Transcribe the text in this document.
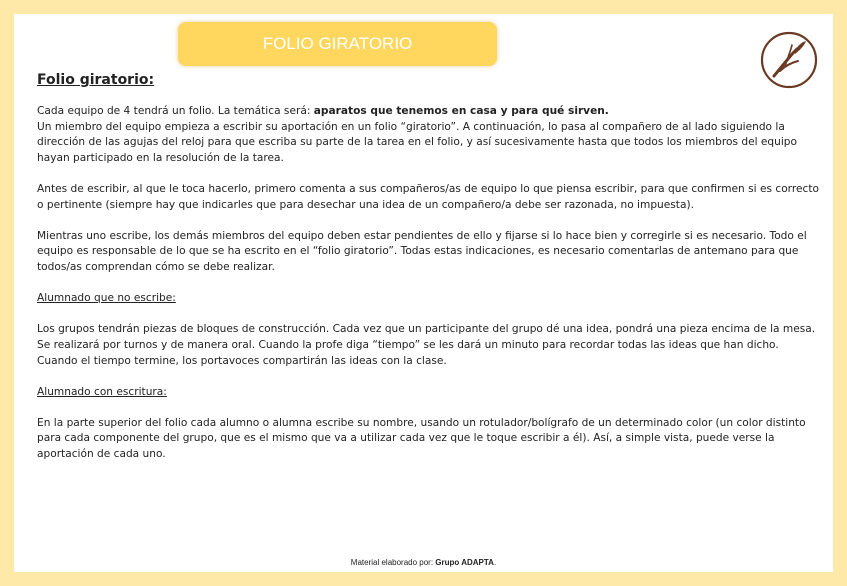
FOLIO GIRATORIO

Folio giratorio:

Cada equipo de 4 tendrá un folio. La temática será: aparatos que tenemos en casa y para qué sirven.

Un miembro del equipo empieza a escribir su aportación en un folio “giratorio”. A continuación, lo pasa al compañero de al lado siguiendo la dirección de las agujas del reloj para que escriba su parte de la tarea en el folio, y así sucesivamente hasta que todos los miembros del equipo hayan participado en la resolución de la tarea.

Antes de escribir, al que le toca hacerlo, primero comenta a sus compañeros/as de equipo lo que piensa escribir, para que confirmen si es correcto o pertinente (siempre hay que indicarles que para desechar una idea de un compañero/a debe ser razonada, no impuesta).

Mientras uno escribe, los demás miembros del equipo deben estar pendientes de ello y fijarse si lo hace bien y corregirle si es necesario. Todo el equipo es responsable de lo que se ha escrito en el “folio giratorio”. Todas estas indicaciones, es necesario comentarlas de antemano para que todos/as comprendan cómo se debe realizar.

Alumnado que no escribe:

Los grupos tendrán piezas de bloques de construcción. Cada vez que un participante del grupo dé una idea, pondrá una pieza encima de la mesa. Se realizará por turnos y de manera oral. Cuando la profe diga “tiempo” se les dará un minuto para recordar todas las ideas que han dicho. Cuando el tiempo termine, los portavoces compartirán las ideas con la clase.

Alumnado con escritura:

En la parte superior del folio cada alumno o alumna escribe su nombre, usando un rotulador/bolígrafo de un determinado color (un color distinto para cada componente del grupo, que es el mismo que va a utilizar cada vez que le toque escribir a él). Así, a simple vista, puede verse la aportación de cada uno.

Material elaborado por: Grupo ADAPTA.
